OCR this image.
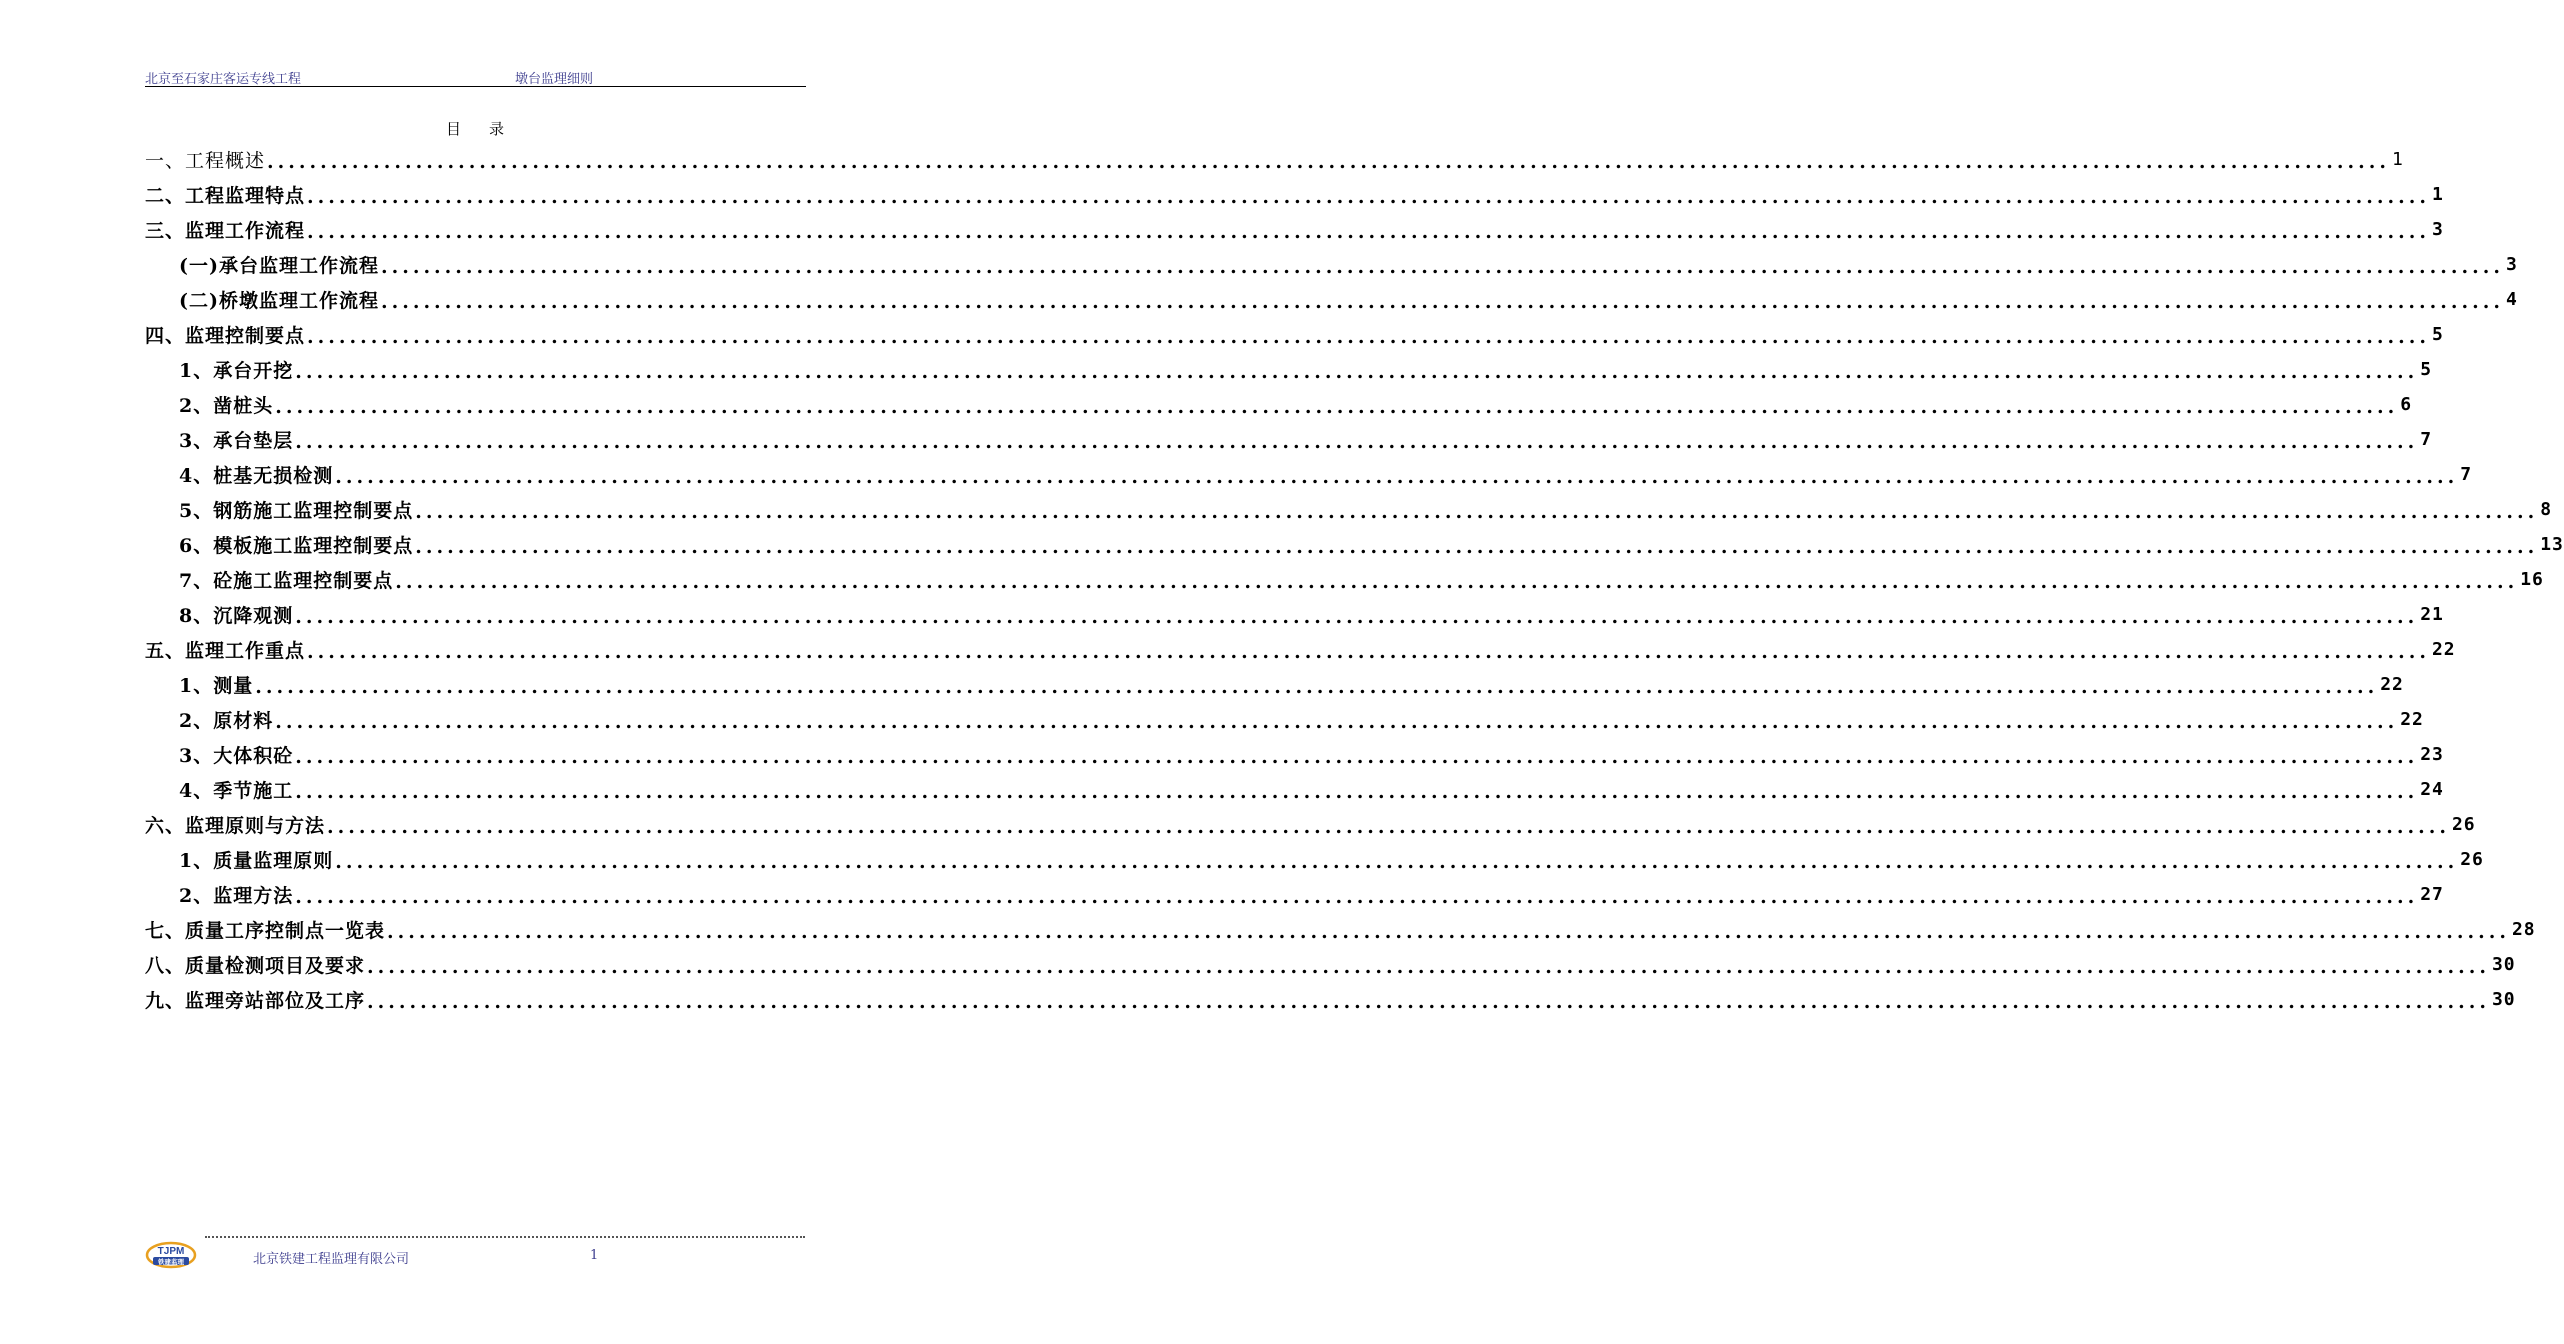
北京至石家庄客运专线工程	墩台监理细则
目录
一、工程概述 ........................................................................................................................................................................................................ 1
二、工程监理特点 ........................................................................................................................................................................................................ 1
三、监理工作流程 ........................................................................................................................................................................................................ 3
(一)承台监理工作流程 ........................................................................................................................................................................................................ 3
(二)桥墩监理工作流程 ........................................................................................................................................................................................................ 4
四、监理控制要点 ........................................................................................................................................................................................................ 5
1、承台开挖 ........................................................................................................................................................................................................ 5
2、凿桩头 ........................................................................................................................................................................................................ 6
3、承台垫层 ........................................................................................................................................................................................................ 7
4、桩基无损检测 ........................................................................................................................................................................................................ 7
5、钢筋施工监理控制要点 ........................................................................................................................................................................................................ 8
6、模板施工监理控制要点 ........................................................................................................................................................................................................ 13
7、砼施工监理控制要点 ........................................................................................................................................................................................................ 16
8、沉降观测 ........................................................................................................................................................................................................ 21
五、监理工作重点 ........................................................................................................................................................................................................ 22
1、测量 ........................................................................................................................................................................................................ 22
2、原材料 ........................................................................................................................................................................................................ 22
3、大体积砼 ........................................................................................................................................................................................................ 23
4、季节施工 ........................................................................................................................................................................................................ 24
六、监理原则与方法 ........................................................................................................................................................................................................ 26
1、质量监理原则 ........................................................................................................................................................................................................ 26
2、监理方法 ........................................................................................................................................................................................................ 27
七、质量工序控制点一览表 ........................................................................................................................................................................................................ 28
八、质量检测项目及要求 ........................................................................................................................................................................................................ 30
九、监理旁站部位及工序 ........................................................................................................................................................................................................ 30
TJPM
铁建监理	北京铁建工程监理有限公司	1
